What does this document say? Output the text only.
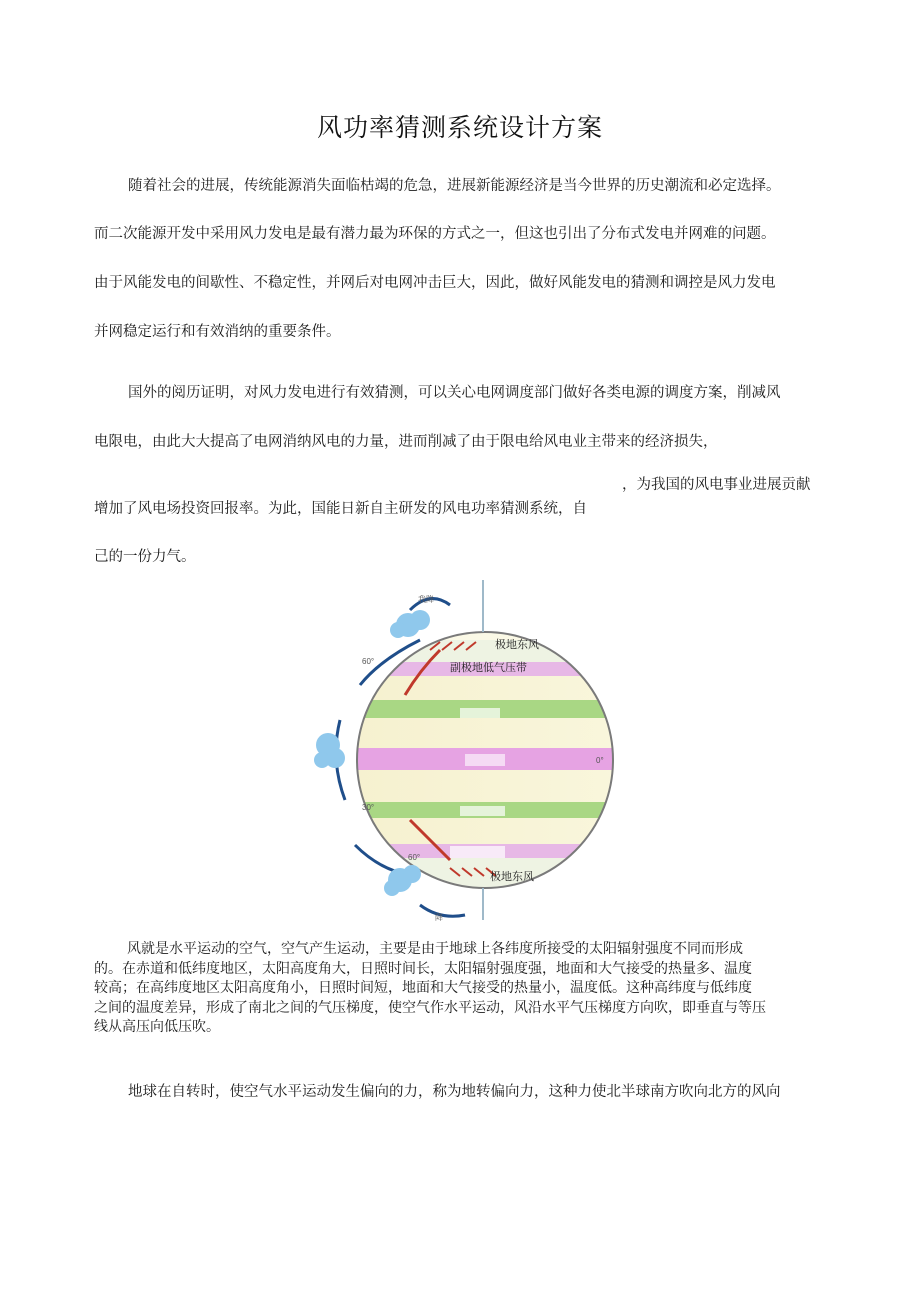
风功率猜测系统设计方案
随着社会的进展，传统能源消失面临枯竭的危急，进展新能源经济是当今世界的历史潮流和必定选择。
而二次能源开发中采用风力发电是最有潜力最为环保的方式之一，但这也引出了分布式发电并网难的问题。
由于风能发电的间歇性、不稳定性，并网后对电网冲击巨大，因此，做好风能发电的猜测和调控是风力发电
并网稳定运行和有效消纳的重要条件。
国外的阅历证明，对风力发电进行有效猜测，可以关心电网调度部门做好各类电源的调度方案，削减风
电限电，由此大大提高了电网消纳风电的力量，进而削减了由于限电给风电业主带来的经济损失，
，为我国的风电事业进展贡献
增加了风电场投资回报率。为此，国能日新自主研发的风电功率猜测系统，自
己的一份力气。
极地东风
副极地低气压带
极地东风
60°
0°
30°
60°
我降
降

风就是水平运动的空气，空气产生运动，主要是由于地球上各纬度所接受的太阳辐射强度不同而形成

的。在赤道和低纬度地区，太阳高度角大，日照时间长，太阳辐射强度强，地面和大气接受的热量多、温度

较高；在高纬度地区太阳高度角小，日照时间短，地面和大气接受的热量小，温度低。这种高纬度与低纬度

之间的温度差异，形成了南北之间的气压梯度，使空气作水平运动，风沿水平气压梯度方向吹，即垂直与等压

线从高压向低压吹。

地球在自转时，使空气水平运动发生偏向的力，称为地转偏向力，这种力使北半球南方吹向北方的风向
